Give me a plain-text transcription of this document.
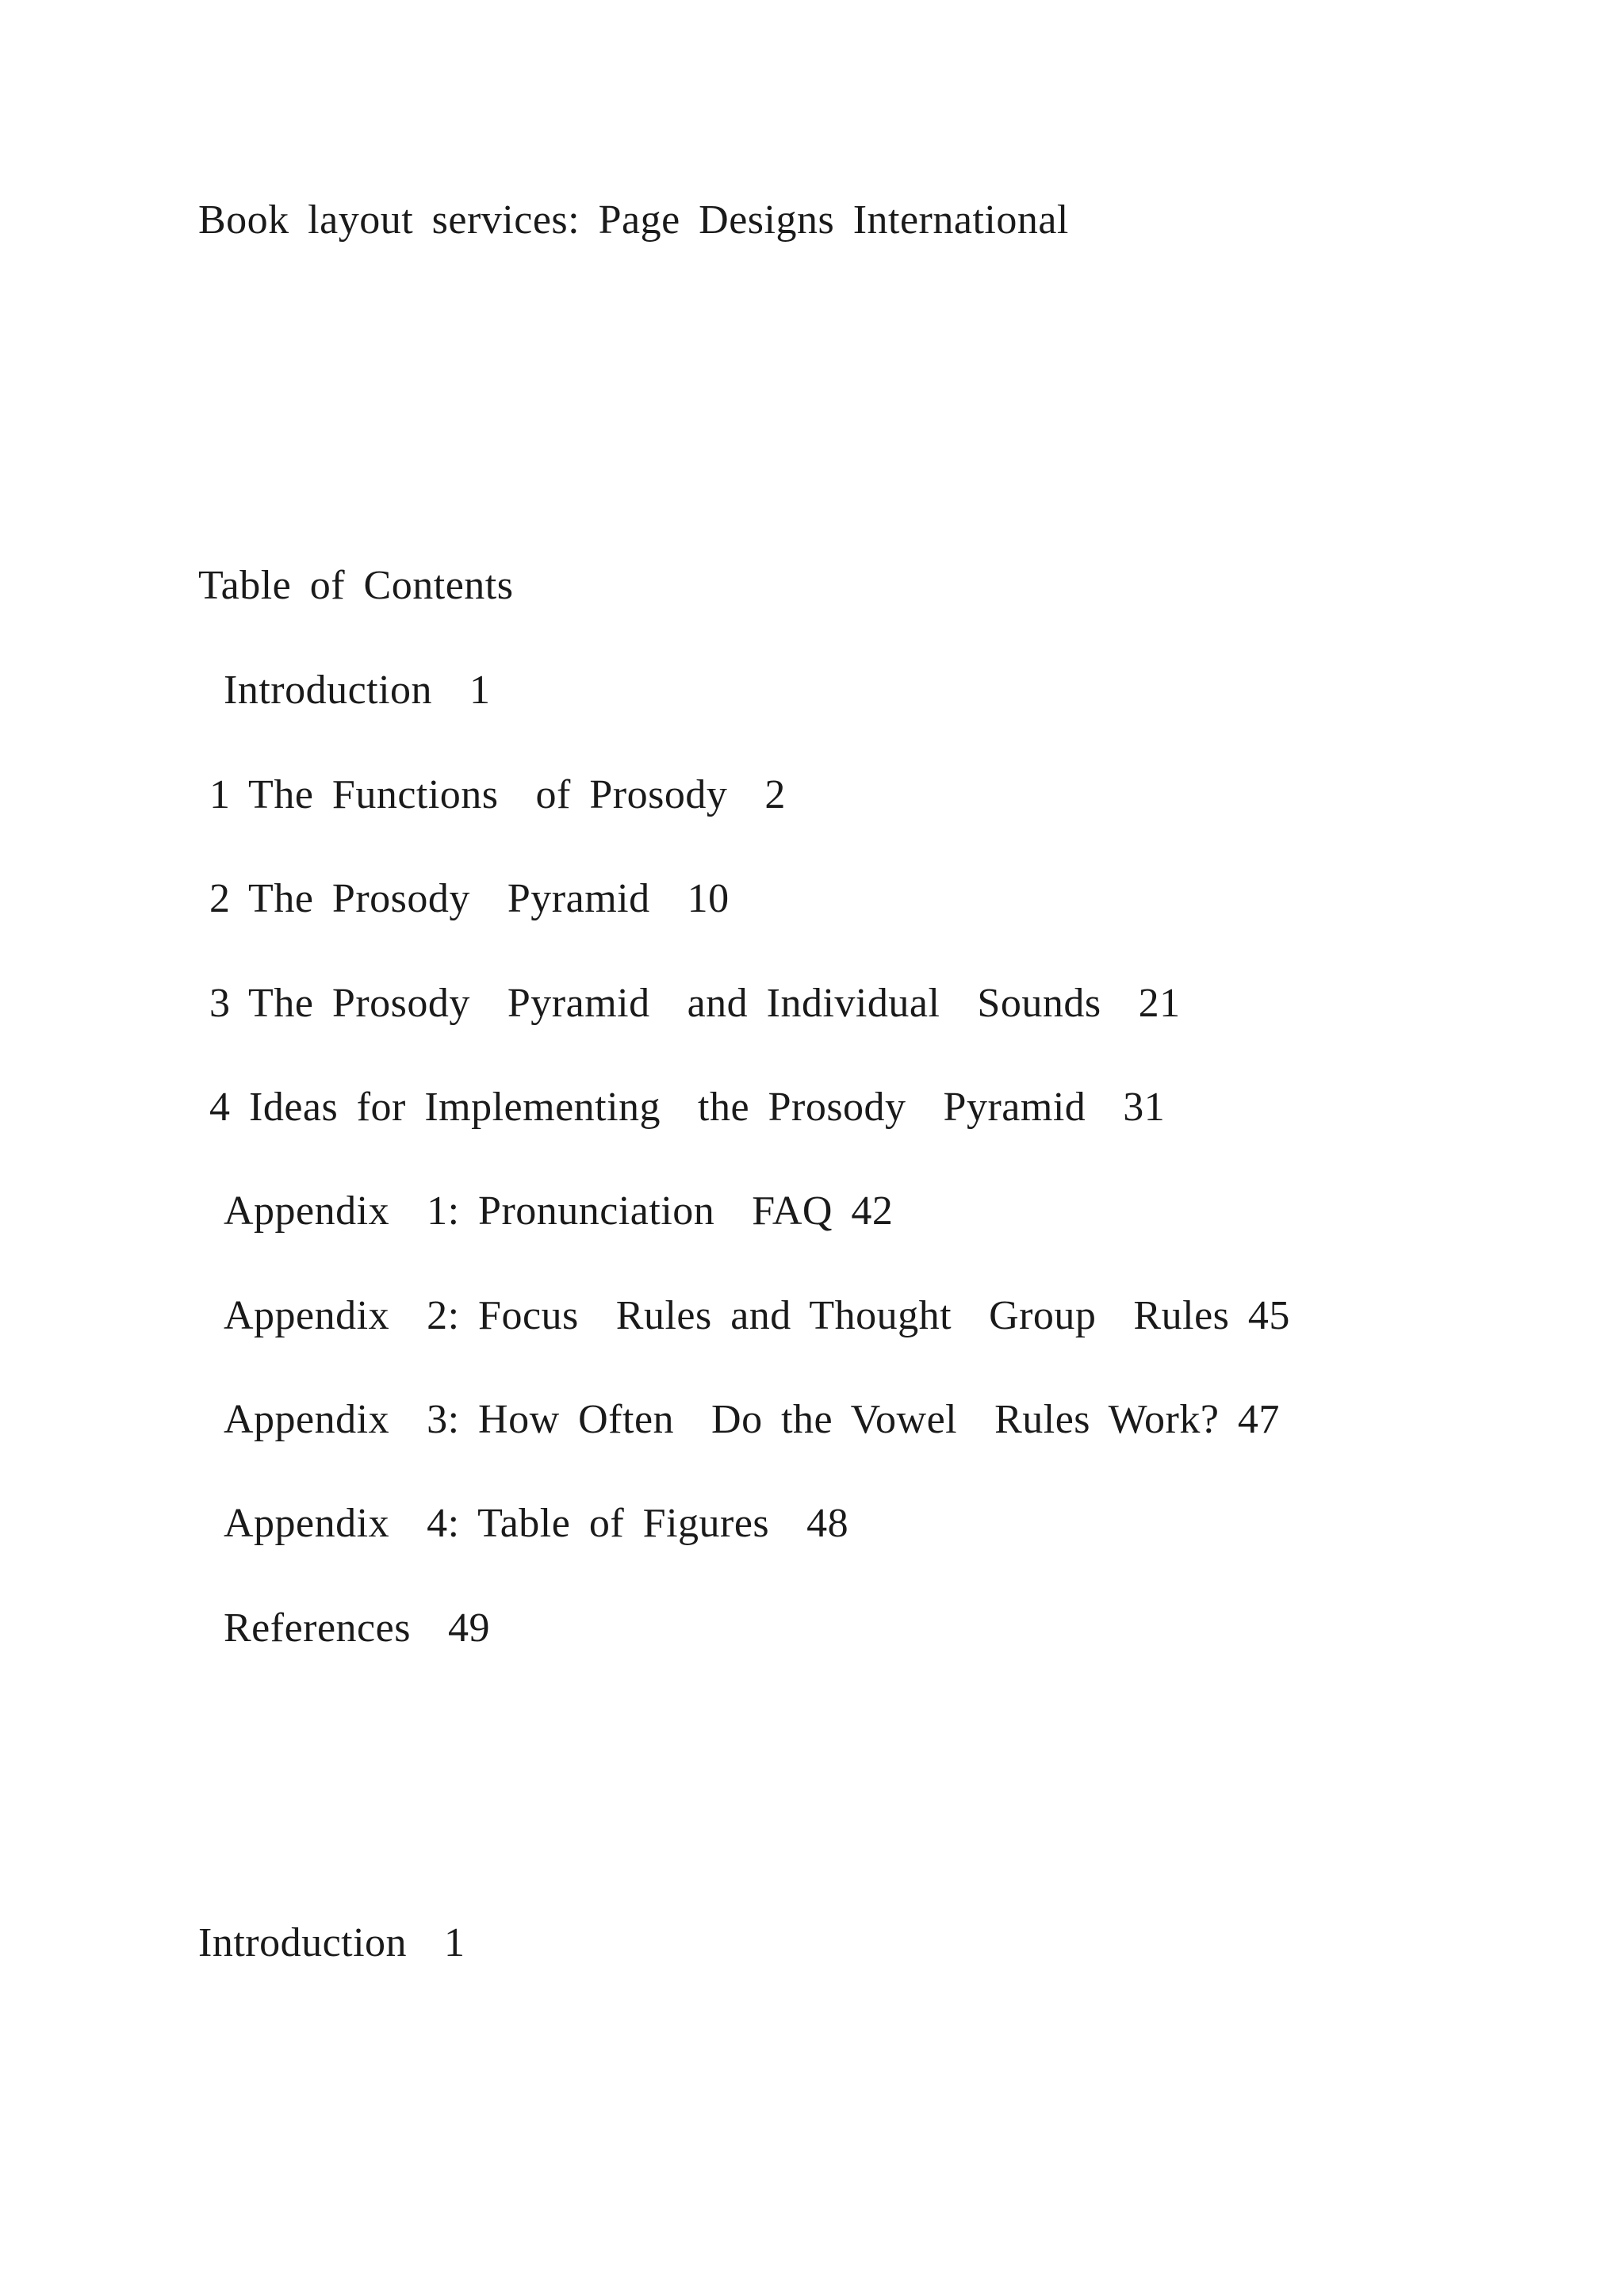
Book layout services: Page Designs International
Table of Contents
Introduction  1
1 The Functions  of Prosody  2
2 The Prosody  Pyramid  10
3 The Prosody  Pyramid  and Individual  Sounds  21
4 Ideas for Implementing  the Prosody  Pyramid  31
Appendix  1: Pronunciation  FAQ 42
Appendix  2: Focus  Rules and Thought  Group  Rules 45
Appendix  3: How Often  Do the Vowel  Rules Work? 47
Appendix  4: Table of Figures  48
References  49
Introduction  1
